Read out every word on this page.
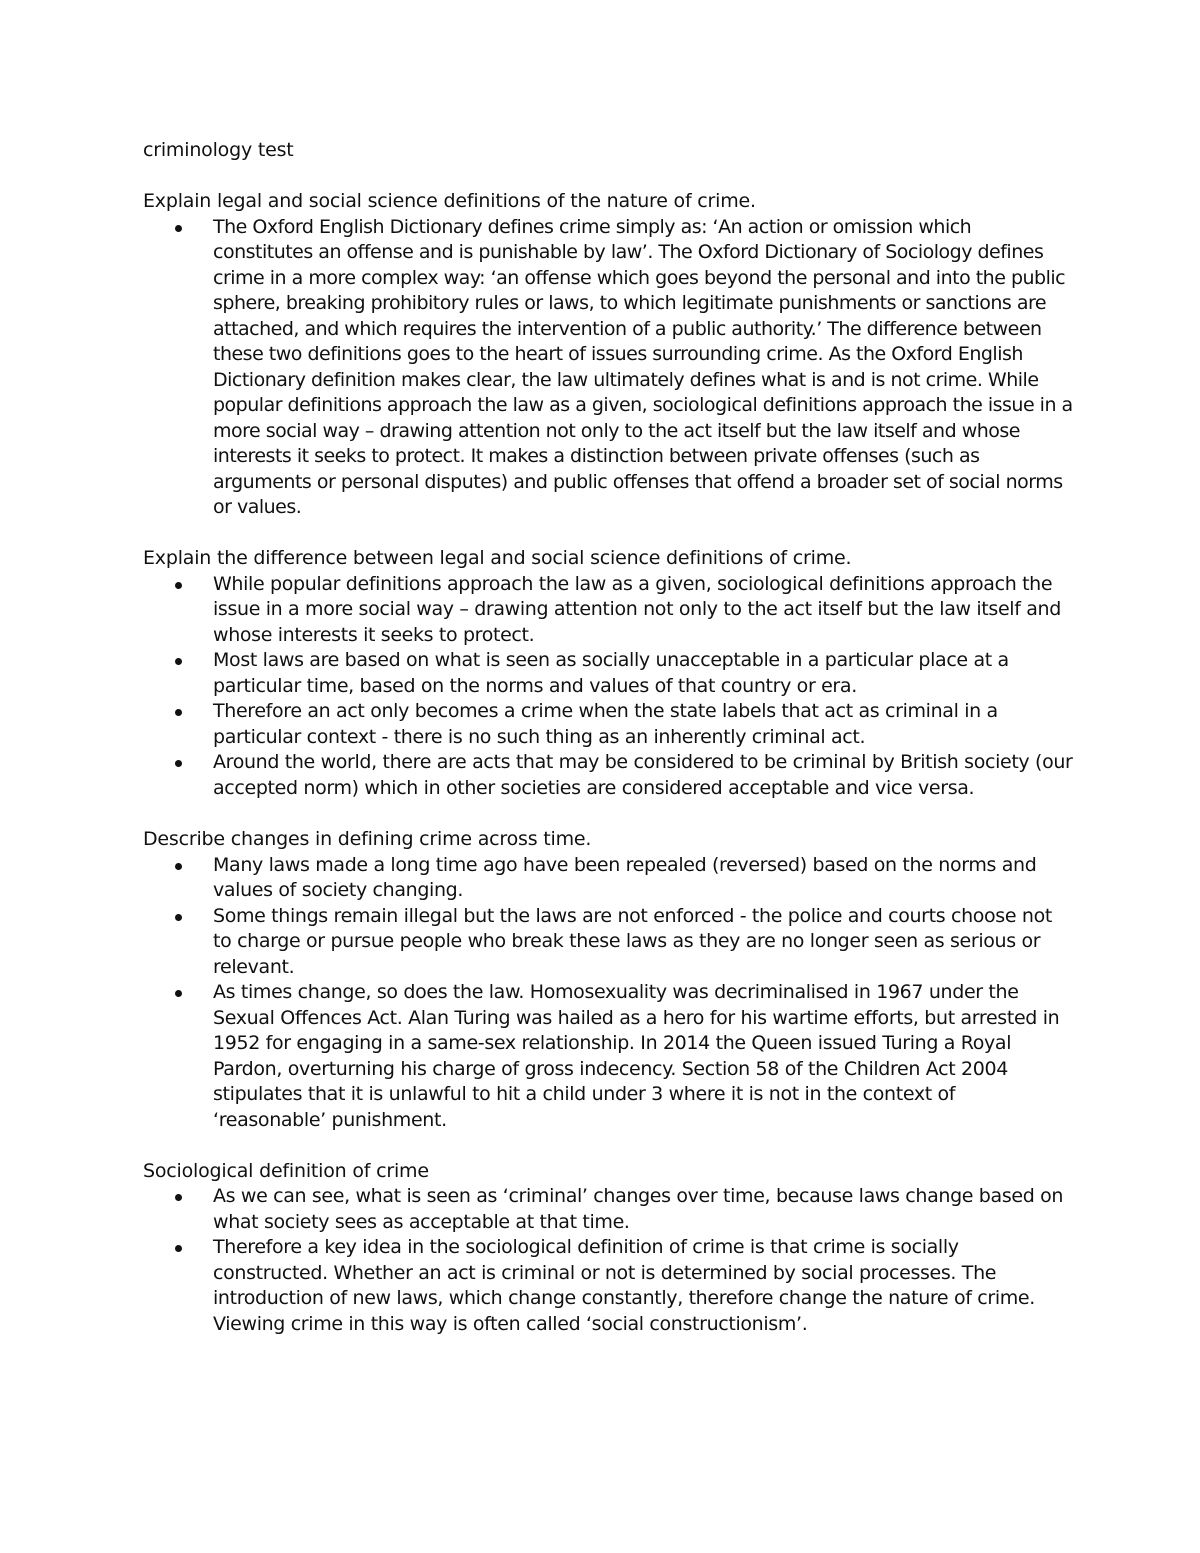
criminology test
Explain legal and social science definitions of the nature of crime.
The Oxford English Dictionary defines crime simply as: ‘An action or omission which constitutes an offense and is punishable by law’. The Oxford Dictionary of Sociology defines crime in a more complex way: ‘an offense which goes beyond the personal and into the public sphere, breaking prohibitory rules or laws, to which legitimate punishments or sanctions are attached, and which requires the intervention of a public authority.’ The difference between these two definitions goes to the heart of issues surrounding crime. As the Oxford English Dictionary definition makes clear, the law ultimately defines what is and is not crime. While popular definitions approach the law as a given, sociological definitions approach the issue in a more social way – drawing attention not only to the act itself but the law itself and whose interests it seeks to protect. It makes a distinction between private offenses (such as arguments or personal disputes) and public offenses that offend a broader set of social norms or values.
Explain the difference between legal and social science definitions of crime.
While popular definitions approach the law as a given, sociological definitions approach the issue in a more social way – drawing attention not only to the act itself but the law itself and whose interests it seeks to protect.
Most laws are based on what is seen as socially unacceptable in a particular place at a particular time, based on the norms and values of that country or era.
Therefore an act only becomes a crime when the state labels that act as criminal in a particular context - there is no such thing as an inherently criminal act.
Around the world, there are acts that may be considered to be criminal by British society (our accepted norm) which in other societies are considered acceptable and vice versa.
Describe changes in defining crime across time.
Many laws made a long time ago have been repealed (reversed) based on the norms and values of society changing.
Some things remain illegal but the laws are not enforced - the police and courts choose not to charge or pursue people who break these laws as they are no longer seen as serious or relevant.
As times change, so does the law. Homosexuality was decriminalised in 1967 under the Sexual Offences Act. Alan Turing was hailed as a hero for his wartime efforts, but arrested in 1952 for engaging in a same-sex relationship. In 2014 the Queen issued Turing a Royal Pardon, overturning his charge of gross indecency. Section 58 of the Children Act 2004 stipulates that it is unlawful to hit a child under 3 where it is not in the context of ‘reasonable’ punishment.
Sociological definition of crime
As we can see, what is seen as ‘criminal’ changes over time, because laws change based on what society sees as acceptable at that time.
Therefore a key idea in the sociological definition of crime is that crime is socially constructed. Whether an act is criminal or not is determined by social processes. The introduction of new laws, which change constantly, therefore change the nature of crime. Viewing crime in this way is often called ‘social constructionism’.
